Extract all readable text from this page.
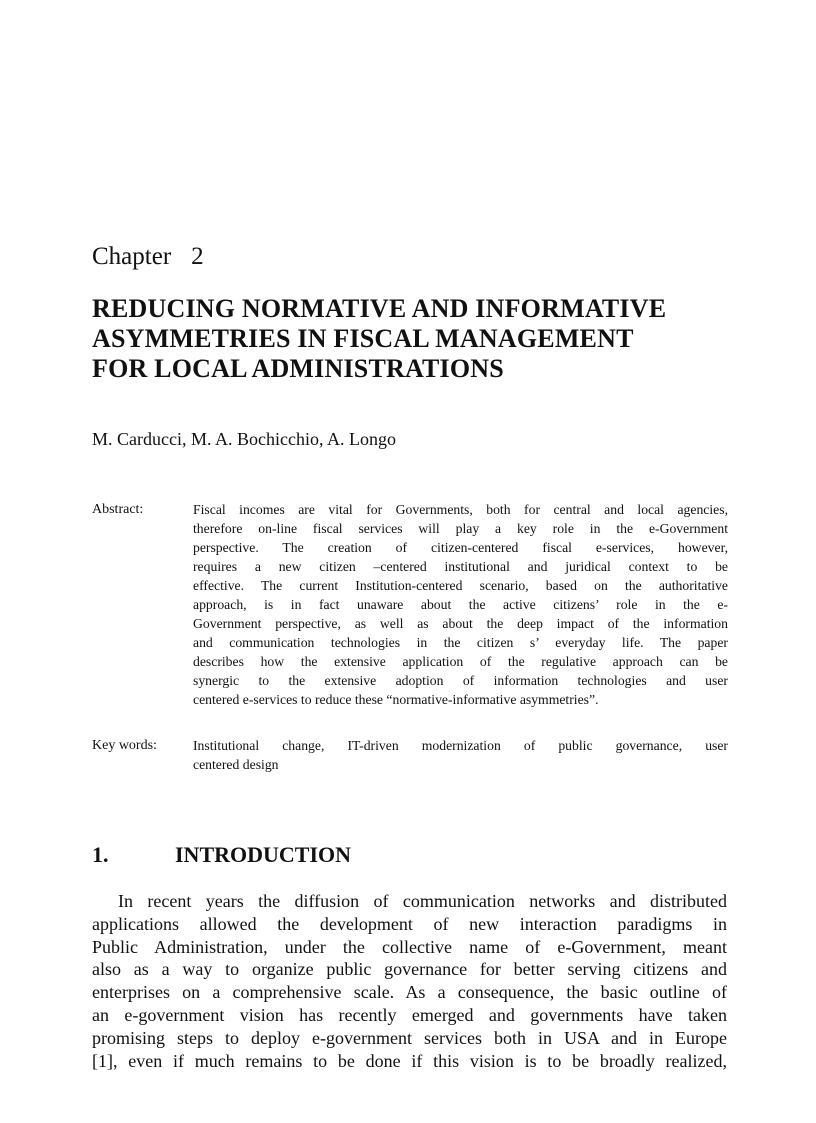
Chapter 2
REDUCING NORMATIVE AND INFORMATIVE
ASYMMETRIES IN FISCAL MANAGEMENT
FOR LOCAL ADMINISTRATIONS
M. Carducci, M. A. Bochicchio, A. Longo
Abstract:	Fiscal incomes are vital for Governments, both for central and local agencies,
therefore on-line fiscal services will play a key role in the e-Government
perspective. The creation of citizen-centered fiscal e-services, however,
requires a new citizen –centered institutional and juridical context to be
effective. The current Institution-centered scenario, based on the authoritative
approach, is in fact unaware about the active citizens’ role in the e-
Government perspective, as well as about the deep impact of the information
and communication technologies in the citizen s’ everyday life. The paper
describes how the extensive application of the regulative approach can be
synergic to the extensive adoption of information technologies and user
centered e-services to reduce these “normative-informative asymmetries”.
Key words:	Institutional change, IT-driven modernization of public governance, user
centered design
1.	INTRODUCTION
In recent years the diffusion of communication networks and distributed
applications allowed the development of new interaction paradigms in
Public Administration, under the collective name of e-Government, meant
also as a way to organize public governance for better serving citizens and
enterprises on a comprehensive scale. As a consequence, the basic outline of
an e-government vision has recently emerged and governments have taken
promising steps to deploy e-government services both in USA and in Europe
[1], even if much remains to be done if this vision is to be broadly realized,
